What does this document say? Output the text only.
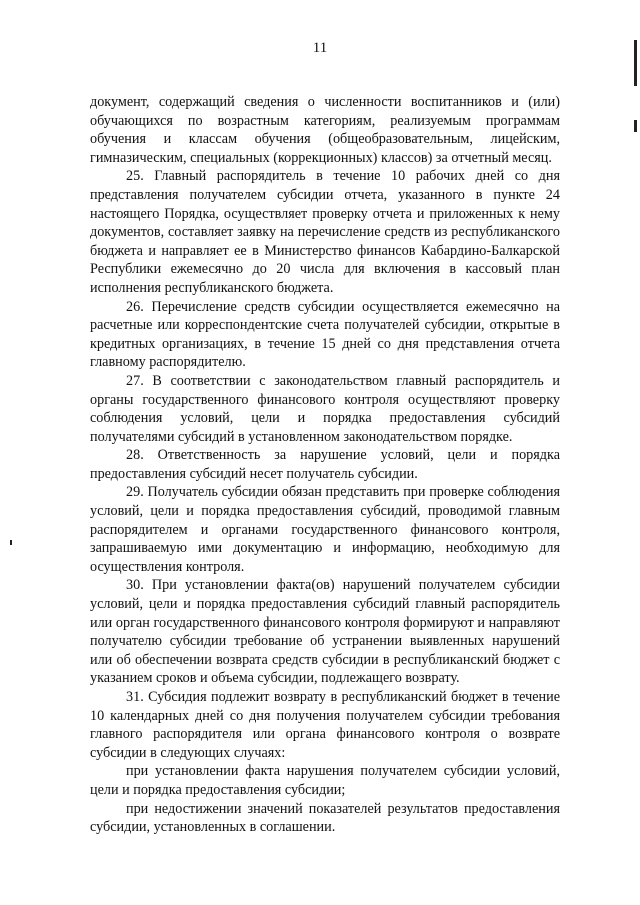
11

документ, содержащий сведения о численности воспитанников и (или) обучающихся по возрастным категориям, реализуемым программам обучения и классам обучения (общеобразовательным, лицейским, гимназическим, специальных (коррекционных) классов) за отчетный месяц.

25. Главный распорядитель в течение 10 рабочих дней со дня представления получателем субсидии отчета, указанного в пункте 24 настоящего Порядка, осуществляет проверку отчета и приложенных к нему документов, составляет заявку на перечисление средств из республиканского бюджета и направляет ее в Министерство финансов Кабардино-Балкарской Республики ежемесячно до 20 числа для включения в кассовый план исполнения республиканского бюджета.

26. Перечисление средств субсидии осуществляется ежемесячно на расчетные или корреспондентские счета получателей субсидии, открытые в кредитных организациях, в течение 15 дней со дня представления отчета главному распорядителю.

27. В соответствии с законодательством главный распорядитель и органы государственного финансового контроля осуществляют проверку соблюдения условий, цели и порядка предоставления субсидий получателями субсидий в установленном законодательством порядке.

28. Ответственность за нарушение условий, цели и порядка предоставления субсидий несет получатель субсидии.

29. Получатель субсидии обязан представить при проверке соблюдения условий, цели и порядка предоставления субсидий, проводимой главным распорядителем и органами государственного финансового контроля, запрашиваемую ими документацию и информацию, необходимую для осуществления контроля.

30. При установлении факта(ов) нарушений получателем субсидии условий, цели и порядка предоставления субсидий главный распорядитель или орган государственного финансового контроля формируют и направляют получателю субсидии требование об устранении выявленных нарушений или об обеспечении возврата средств субсидии в республиканский бюджет с указанием сроков и объема субсидии, подлежащего возврату.

31. Субсидия подлежит возврату в республиканский бюджет в течение 10 календарных дней со дня получения получателем субсидии требования главного распорядителя или органа финансового контроля о возврате субсидии в следующих случаях:

при установлении факта нарушения получателем субсидии условий, цели и порядка предоставления субсидии;

при недостижении значений показателей результатов предоставления субсидии, установленных в соглашении.
